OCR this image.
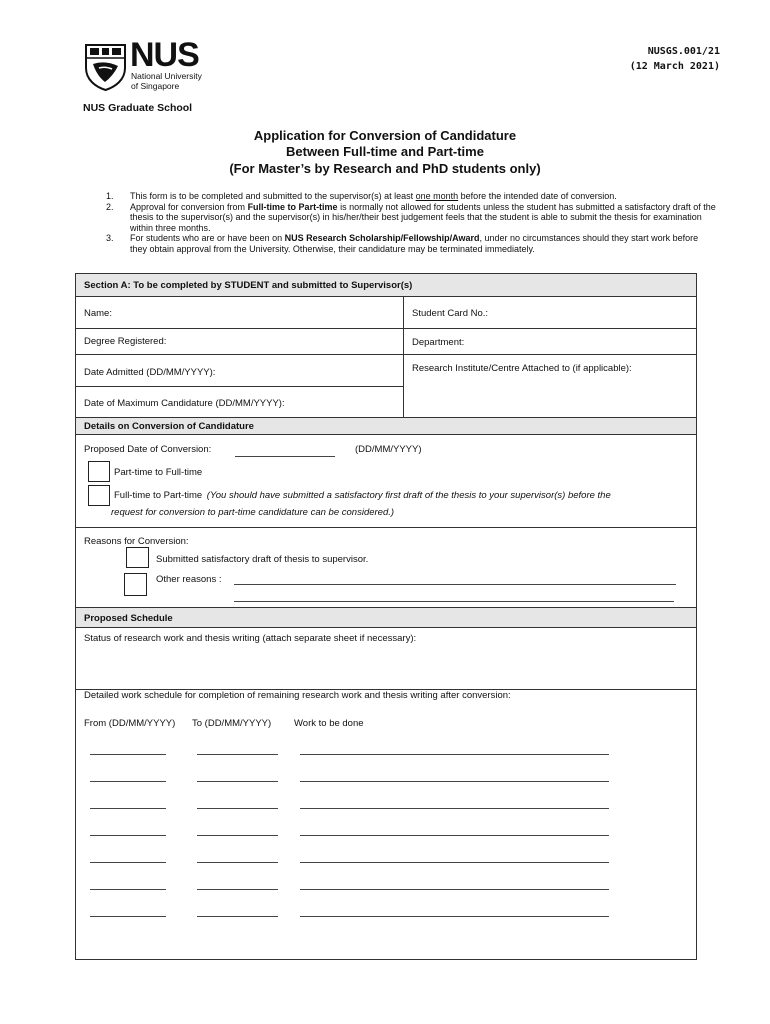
NUS
National University
of Singapore
NUS Graduate School
NUSGS.001/21
(12 March 2021)
Application for Conversion of Candidature
Between Full-time and Part-time
(For Master’s by Research and PhD students only)
1.	This form is to be completed and submitted to the supervisor(s) at least one month before the intended date of conversion.
2.	Approval for conversion from Full-time to Part-time is normally not allowed for students unless the student has submitted a satisfactory draft of the thesis to the supervisor(s) and the supervisor(s) in his/her/their best judgement feels that the student is able to submit the thesis for examination within three months.
3.	For students who are or have been on NUS Research Scholarship/Fellowship/Award, under no circumstances should they start work before they obtain approval from the University. Otherwise, their candidature may be terminated immediately.
Section A: To be completed by STUDENT and submitted to Supervisor(s)
Name:	Student Card No.:
Degree Registered:	Department:
Date Admitted (DD/MM/YYYY):	Research Institute/Centre Attached to (if applicable):
Date of Maximum Candidature (DD/MM/YYYY):
Details on Conversion of Candidature
Proposed Date of Conversion:	(DD/MM/YYYY)
Part-time to Full-time
Full-time to Part-time (You should have submitted a satisfactory first draft of the thesis to your supervisor(s) before the
request for conversion to part-time candidature can be considered.)
Reasons for Conversion:
Submitted satisfactory draft of thesis to supervisor.
Other reasons :
Proposed Schedule
Status of research work and thesis writing (attach separate sheet if necessary):
Detailed work schedule for completion of remaining research work and thesis writing after conversion:
From (DD/MM/YYYY) To (DD/MM/YYYY) Work to be done
